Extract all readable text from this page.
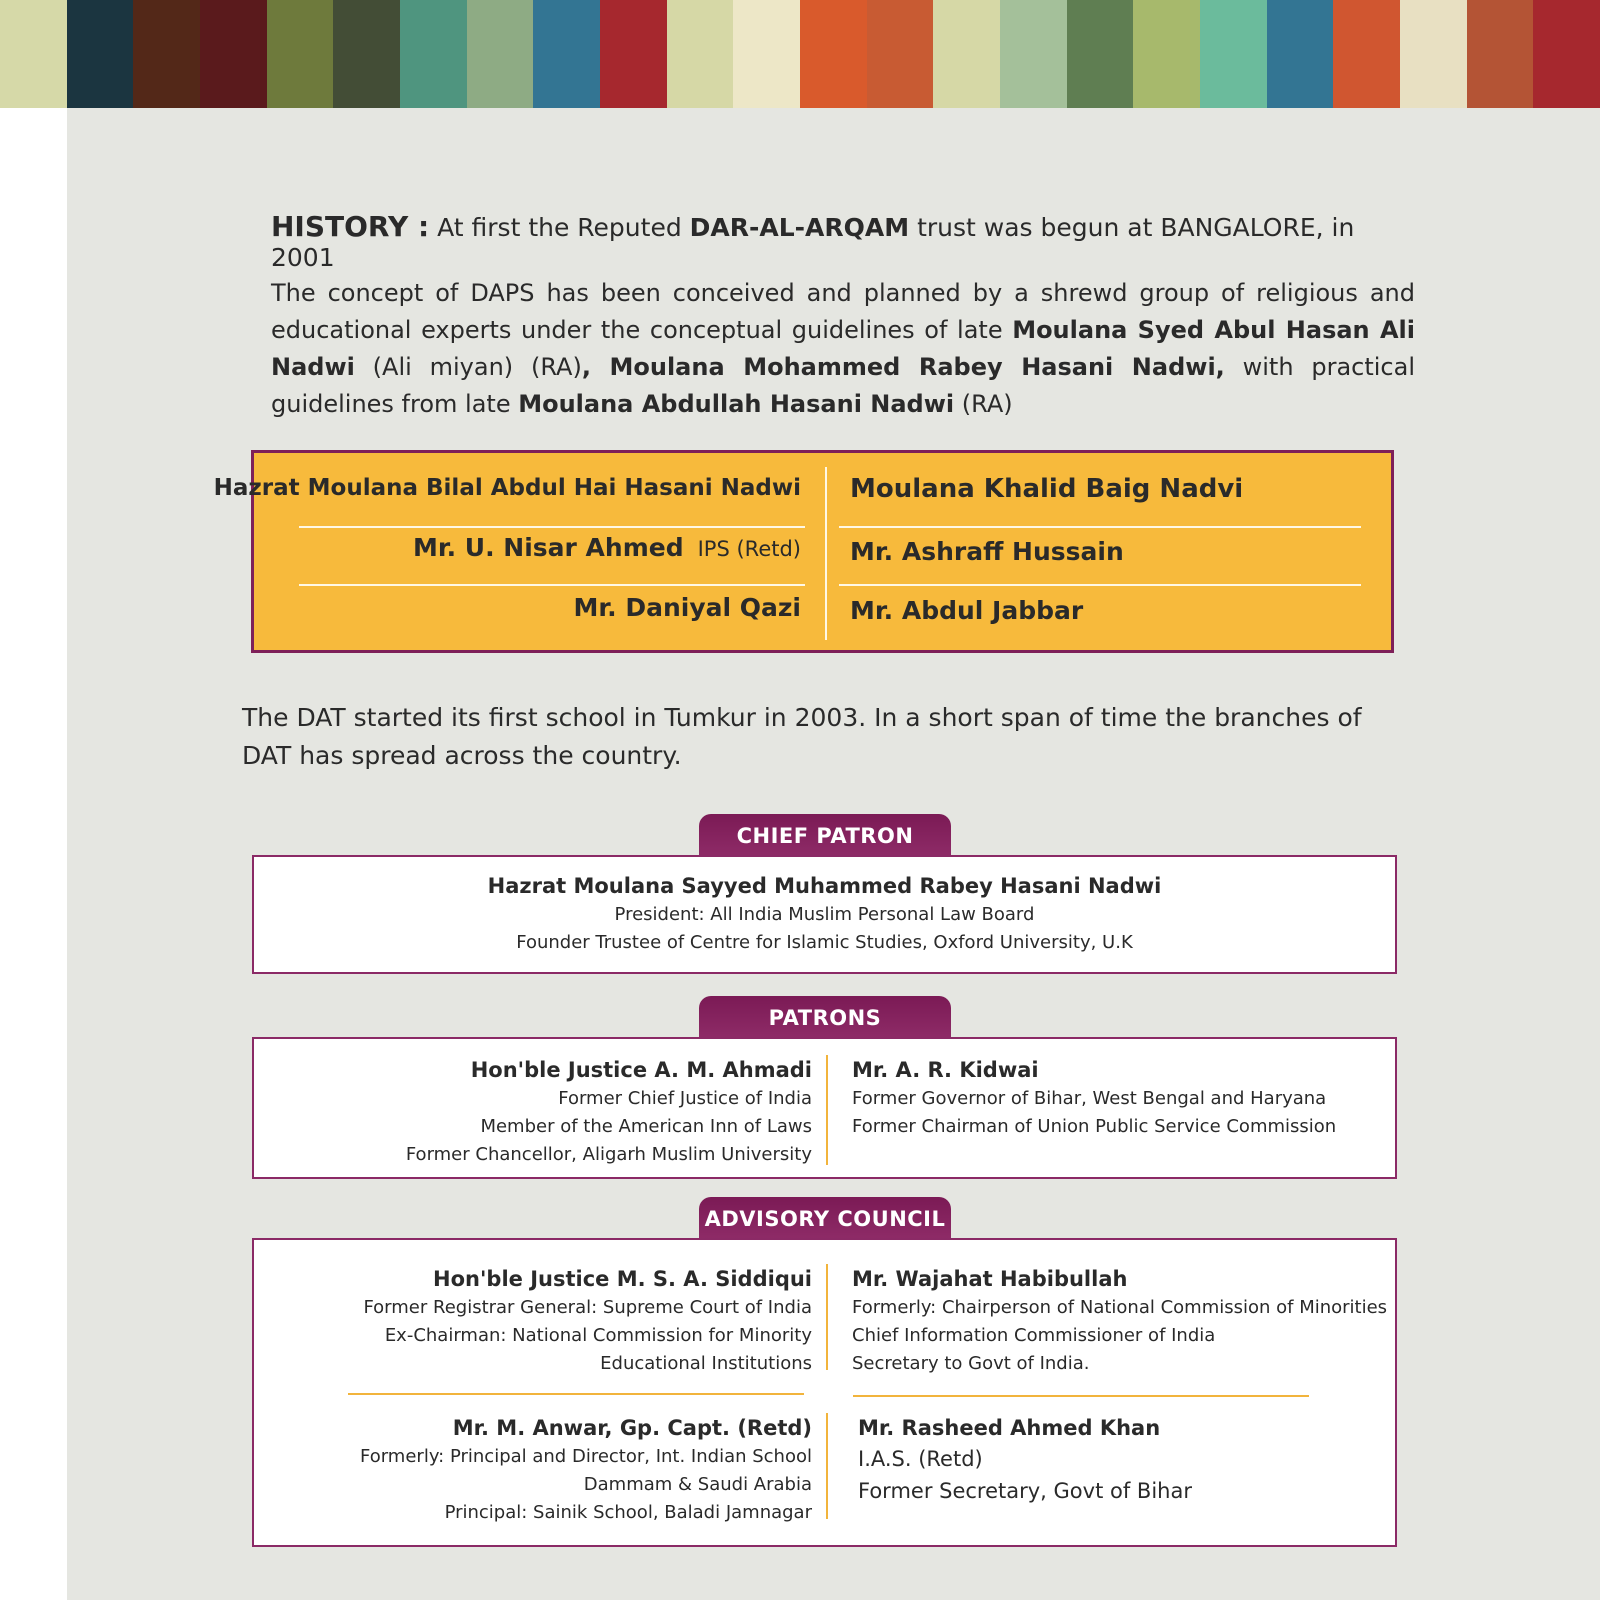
HISTORY : At first the Reputed DAR-AL-ARQAM trust was begun at BANGALORE, in 2001
The concept of DAPS has been conceived and planned by a shrewd group of religious and educational experts under the conceptual guidelines of late Moulana Syed Abul Hasan Ali Nadwi (Ali miyan) (RA), Moulana Mohammed Rabey Hasani Nadwi, with practical guidelines from late Moulana Abdullah Hasani Nadwi (RA)
Hazrat Moulana Bilal Abdul Hai Hasani Nadwi
Mr. U. Nisar Ahmed IPS (Retd)
Mr. Daniyal Qazi
Moulana Khalid Baig Nadvi
Mr. Ashraff Hussain
Mr. Abdul Jabbar
The DAT started its first school in Tumkur in 2003. In a short span of time the branches of DAT has spread across the country.
CHIEF PATRON
Hazrat Moulana Sayyed Muhammed Rabey Hasani Nadwi
President: All India Muslim Personal Law Board
Founder Trustee of Centre for Islamic Studies, Oxford University, U.K
PATRONS
Hon'ble Justice A. M. Ahmadi
Former Chief Justice of India
Member of the American Inn of Laws
Former Chancellor, Aligarh Muslim University
Mr. A. R. Kidwai
Former Governor of Bihar, West Bengal and Haryana
Former Chairman of Union Public Service Commission
ADVISORY COUNCIL
Hon'ble Justice M. S. A. Siddiqui
Former Registrar General: Supreme Court of India
Ex-Chairman: National Commission for Minority
Educational Institutions
Mr. Wajahat Habibullah
Formerly: Chairperson of National Commission of Minorities
Chief Information Commissioner of India
Secretary to Govt of India.
Mr. M. Anwar, Gp. Capt. (Retd)
Formerly: Principal and Director, Int. Indian School
Dammam & Saudi Arabia
Principal: Sainik School, Baladi Jamnagar
Mr. Rasheed Ahmed Khan
I.A.S. (Retd)
Former Secretary, Govt of Bihar
